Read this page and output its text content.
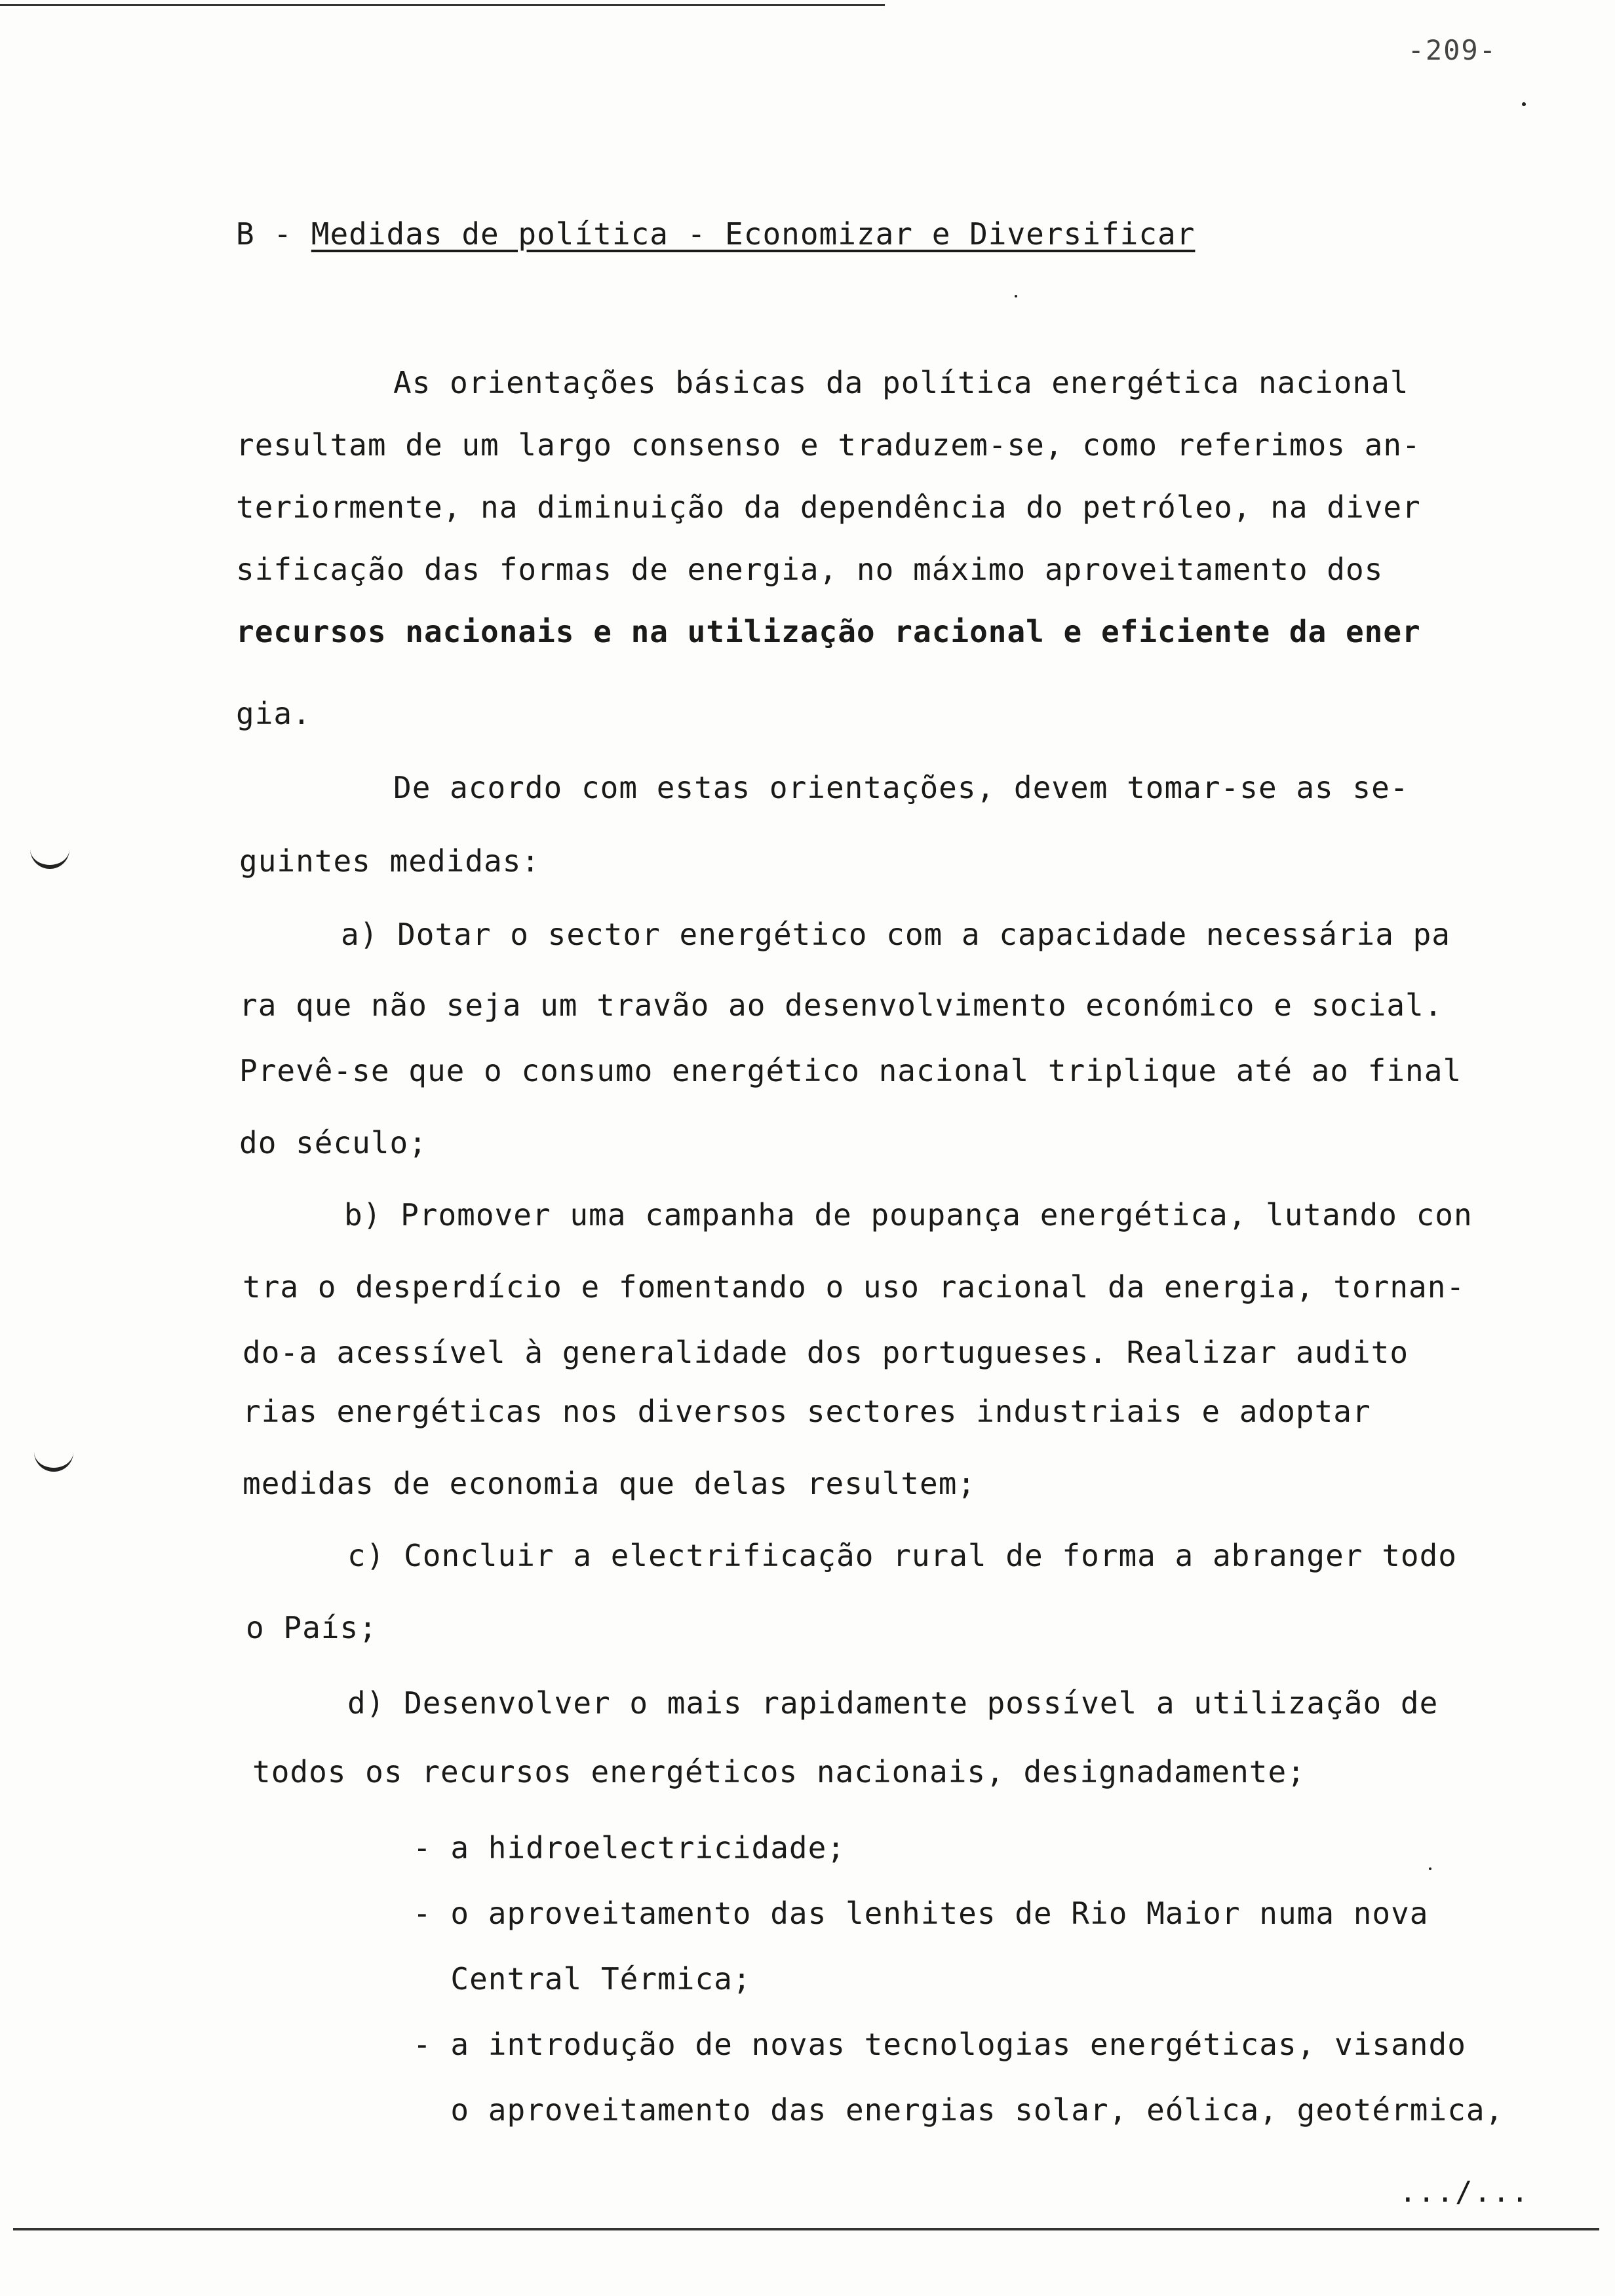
-209-
B - Medidas de política - Economizar e Diversificar
As orientações básicas da política energética nacional
resultam de um largo consenso e traduzem-se, como referimos an-
teriormente, na diminuição da dependência do petróleo, na diver
sificação das formas de energia, no máximo aproveitamento dos
recursos nacionais e na utilização racional e eficiente da ener
gia.
De acordo com estas orientações, devem tomar-se as se-
guintes medidas:
a) Dotar o sector energético com a capacidade necessária pa
ra que não seja um travão ao desenvolvimento económico e social.
Prevê-se que o consumo energético nacional triplique até ao final
do século;
b) Promover uma campanha de poupança energética, lutando con
tra o desperdício e fomentando o uso racional da energia, tornan-
do-a acessível à generalidade dos portugueses. Realizar audito
rias energéticas nos diversos sectores industriais e adoptar
medidas de economia que delas resultem;
c) Concluir a electrificação rural de forma a abranger todo
o País;
d) Desenvolver o mais rapidamente possível a utilização de
todos os recursos energéticos nacionais, designadamente;
- a hidroelectricidade;
- o aproveitamento das lenhites de Rio Maior numa nova
Central Térmica;
- a introdução de novas tecnologias energéticas, visando
o aproveitamento das energias solar, eólica, geotérmica,
.../...
